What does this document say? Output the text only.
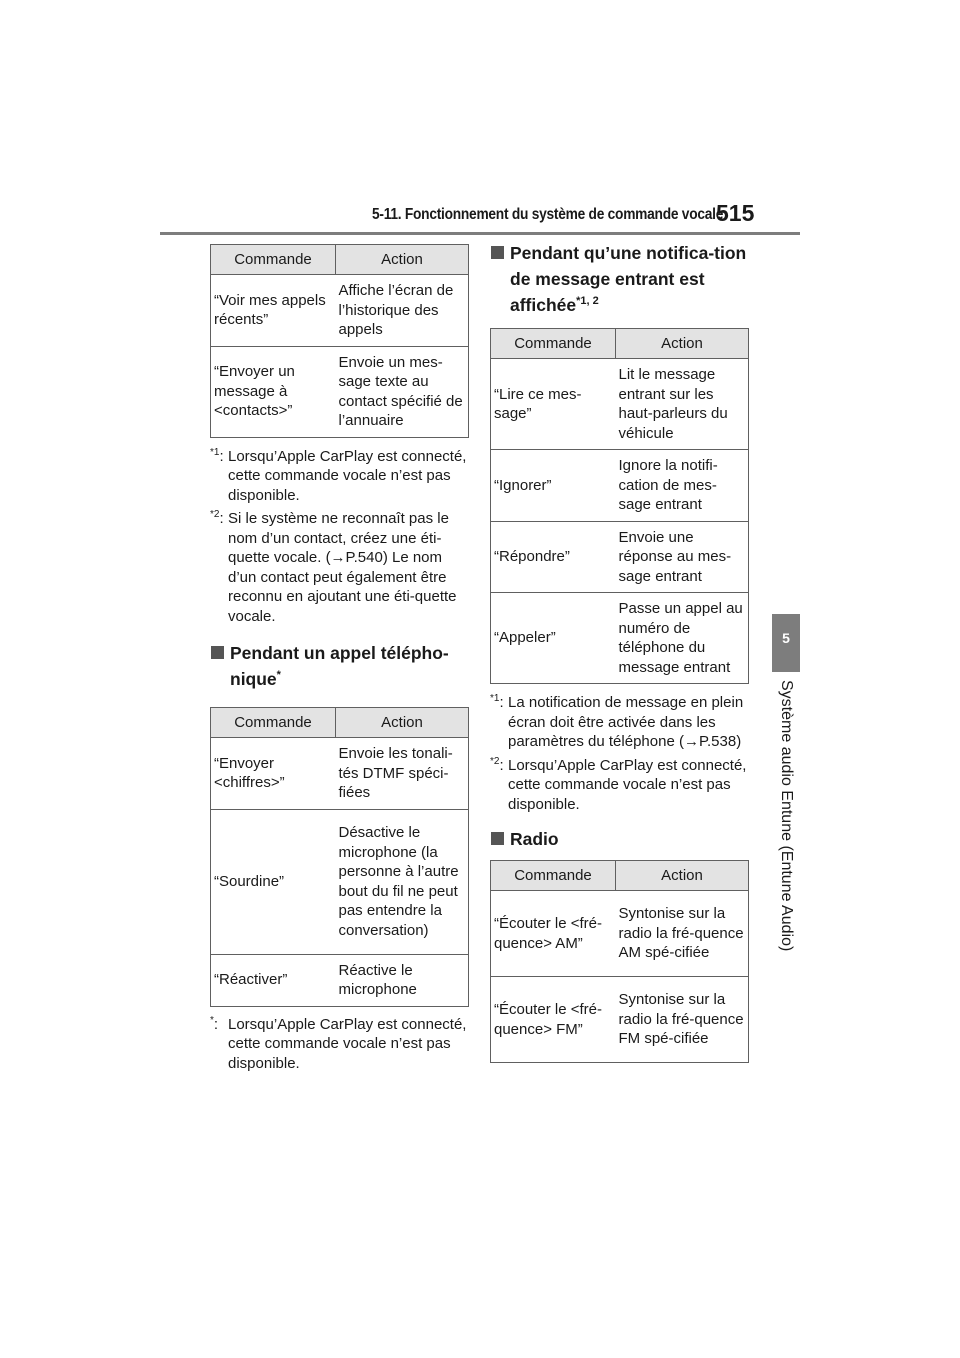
5-11. Fonctionnement du système de commande vocale
515
5
Système audio Entune (Entune Audio)
Commande	Action
“Voir mes appels récents”	Affiche l’écran de l’historique des appels
“Envoyer un message à <contacts>”	Envoie un mes-sage texte au contact spécifié de l’annuaire
$^{*1}$: Lorsqu’Apple CarPlay est connecté, cette commande vocale n’est pas disponible.
$^{*2}$: Si le système ne reconnaît pas le nom d’un contact, créez une éti-quette vocale. (→P.540) Le nom d’un contact peut également être reconnu en ajoutant une éti-quette vocale.
Pendant un appel télépho-nique*
Commande	Action
“Envoyer <chiffres>”	Envoie les tonali-tés DTMF spéci-fiées
“Sourdine”	Désactive le microphone (la personne à l’autre bout du fil ne peut pas entendre la conversation)
“Réactiver”	Réactive le microphone
*: Lorsqu’Apple CarPlay est connecté, cette commande vocale n’est pas disponible.
Pendant qu’une notifica-tion de message entrant est affichée$^{*1, 2}$
Commande	Action
“Lire ce mes-sage”	Lit le message entrant sur les haut-parleurs du véhicule
“Ignorer”	Ignore la notifi-cation de mes-sage entrant
“Répondre”	Envoie une réponse au mes-sage entrant
“Appeler”	Passe un appel au numéro de téléphone du message entrant
$^{*1}$: La notification de message en plein écran doit être activée dans les paramètres du téléphone (→P.538)
$^{*2}$: Lorsqu’Apple CarPlay est connecté, cette commande vocale n’est pas disponible.
Radio
Commande	Action
“Écouter le <fré-quence> AM”	Syntonise sur la radio la fré-quence AM spé-cifiée
“Écouter le <fré-quence> FM”	Syntonise sur la radio la fré-quence FM spé-cifiée
